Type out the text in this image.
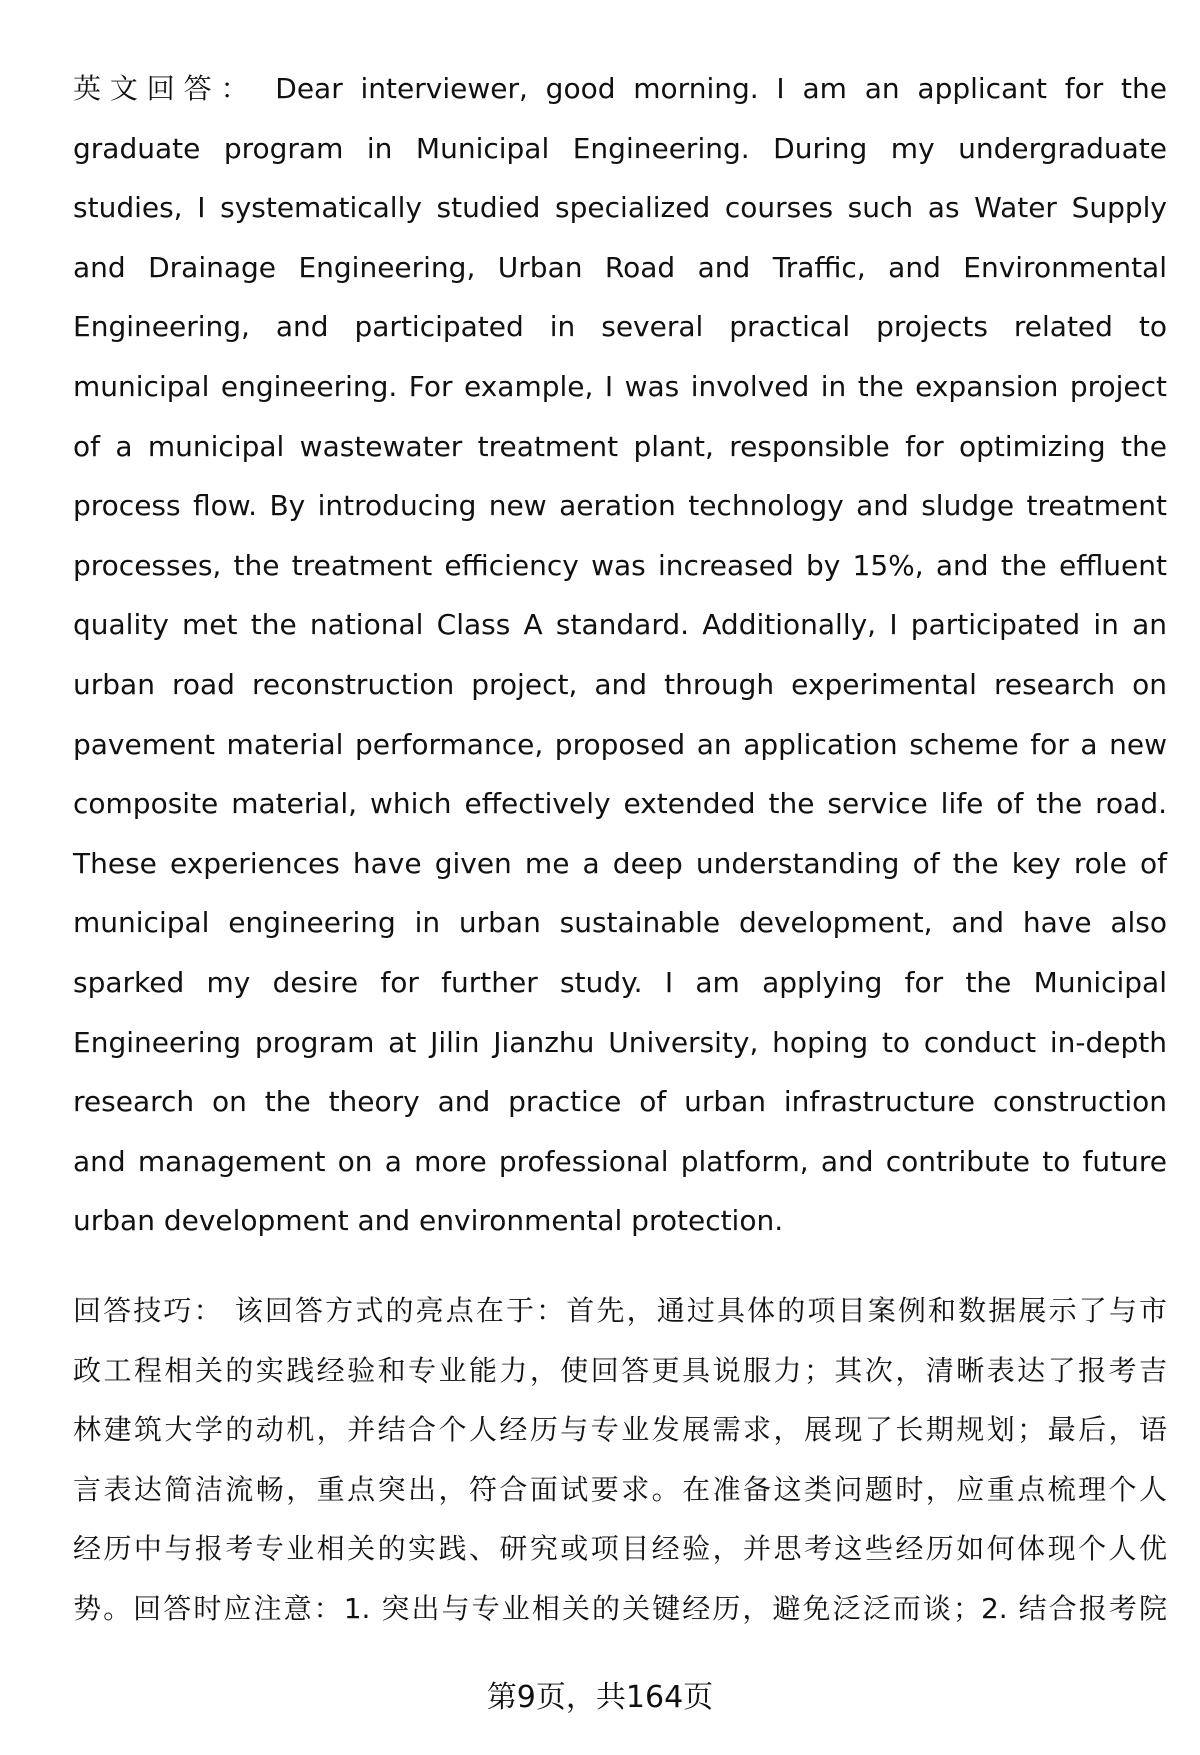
英文回答： Dear interviewer, good morning. I am an applicant for the
graduate program in Municipal Engineering. During my undergraduate
studies, I systematically studied specialized courses such as Water Supply
and Drainage Engineering, Urban Road and Traffic, and Environmental
Engineering, and participated in several practical projects related to
municipal engineering. For example, I was involved in the expansion project
of a municipal wastewater treatment plant, responsible for optimizing the
process flow. By introducing new aeration technology and sludge treatment
processes, the treatment efficiency was increased by 15%, and the effluent
quality met the national Class A standard. Additionally, I participated in an
urban road reconstruction project, and through experimental research on
pavement material performance, proposed an application scheme for a new
composite material, which effectively extended the service life of the road.
These experiences have given me a deep understanding of the key role of
municipal engineering in urban sustainable development, and have also
sparked my desire for further study. I am applying for the Municipal
Engineering program at Jilin Jianzhu University, hoping to conduct in-depth
research on the theory and practice of urban infrastructure construction
and management on a more professional platform, and contribute to future
urban development and environmental protection.
回答技巧： 该回答方式的亮点在于：首先，通过具体的项目案例和数据展示了与市
政工程相关的实践经验和专业能力，使回答更具说服力；其次，清晰表达了报考吉
林建筑大学的动机，并结合个人经历与专业发展需求，展现了长期规划；最后，语
言表达简洁流畅，重点突出，符合面试要求。在准备这类问题时，应重点梳理个人
经历中与报考专业相关的实践、研究或项目经验，并思考这些经历如何体现个人优
势。回答时应注意：1. 突出与专业相关的关键经历，避免泛泛而谈；2. 结合报考院
第9页，共164页
